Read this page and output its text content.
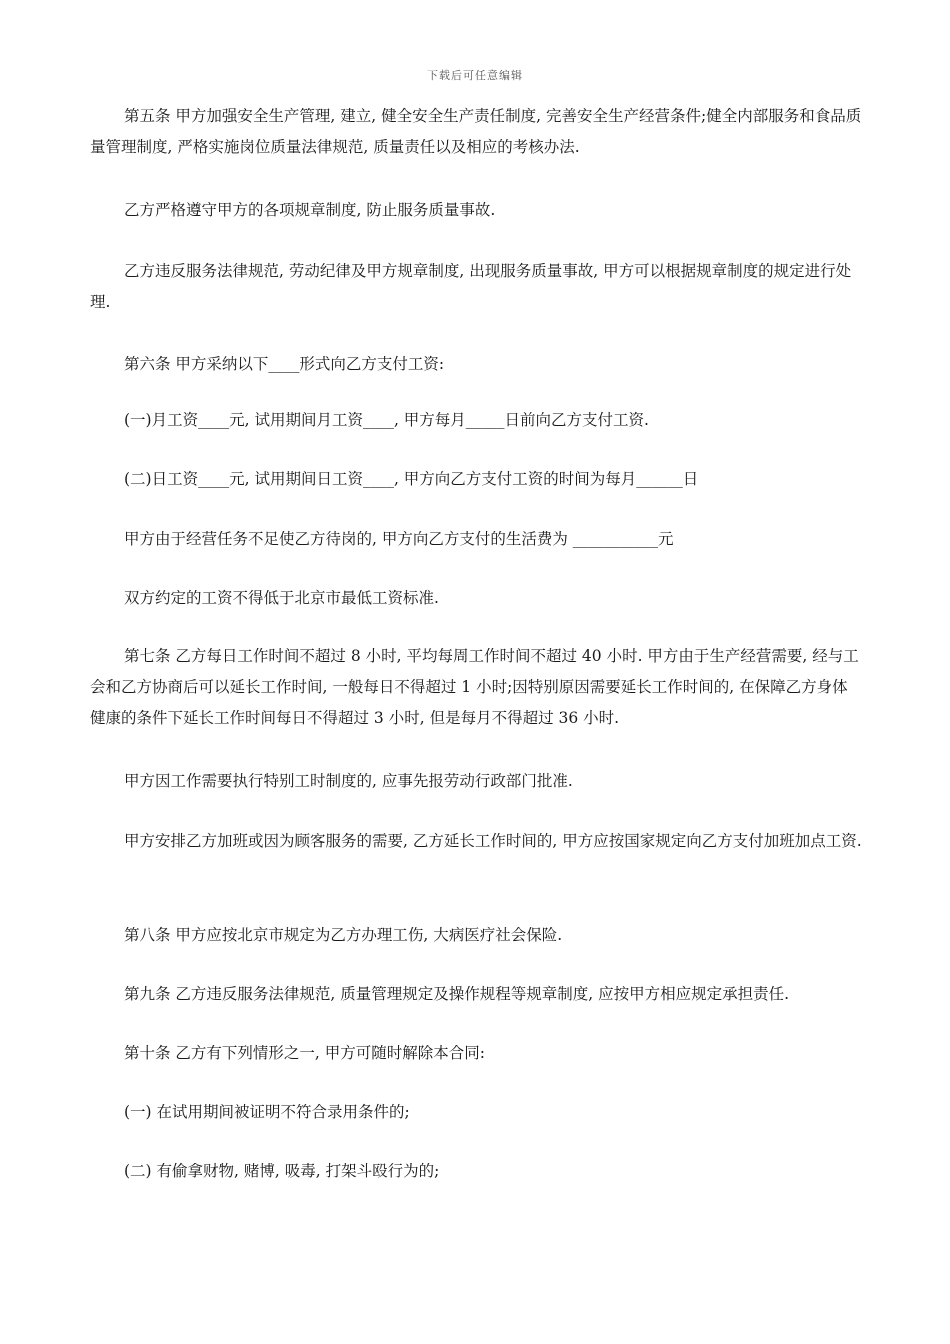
下载后可任意编辑
第五条 甲方加强安全生产管理, 建立, 健全安全生产责任制度, 完善安全生产经营条件;健全内部服务和食品质量管理制度, 严格实施岗位质量法律规范, 质量责任以及相应的考核办法.
乙方严格遵守甲方的各项规章制度, 防止服务质量事故.
乙方违反服务法律规范, 劳动纪律及甲方规章制度, 出现服务质量事故, 甲方可以根据规章制度的规定进行处理.
第六条 甲方采纳以下____形式向乙方支付工资:
(一)月工资____元, 试用期间月工资____, 甲方每月_____日前向乙方支付工资.
(二)日工资____元, 试用期间日工资____, 甲方向乙方支付工资的时间为每月______日
甲方由于经营任务不足使乙方待岗的, 甲方向乙方支付的生活费为 ___________元
双方约定的工资不得低于北京市最低工资标准.
第七条 乙方每日工作时间不超过 8 小时, 平均每周工作时间不超过 40 小时. 甲方由于生产经营需要, 经与工会和乙方协商后可以延长工作时间, 一般每日不得超过 1 小时;因特别原因需要延长工作时间的, 在保障乙方身体健康的条件下延长工作时间每日不得超过 3 小时, 但是每月不得超过 36 小时.
甲方因工作需要执行特别工时制度的, 应事先报劳动行政部门批准.
甲方安排乙方加班或因为顾客服务的需要, 乙方延长工作时间的, 甲方应按国家规定向乙方支付加班加点工资.
第八条 甲方应按北京市规定为乙方办理工伤, 大病医疗社会保险.
第九条 乙方违反服务法律规范, 质量管理规定及操作规程等规章制度, 应按甲方相应规定承担责任.
第十条 乙方有下列情形之一, 甲方可随时解除本合同:
(一) 在试用期间被证明不符合录用条件的;
(二) 有偷拿财物, 赌博, 吸毒, 打架斗殴行为的;
